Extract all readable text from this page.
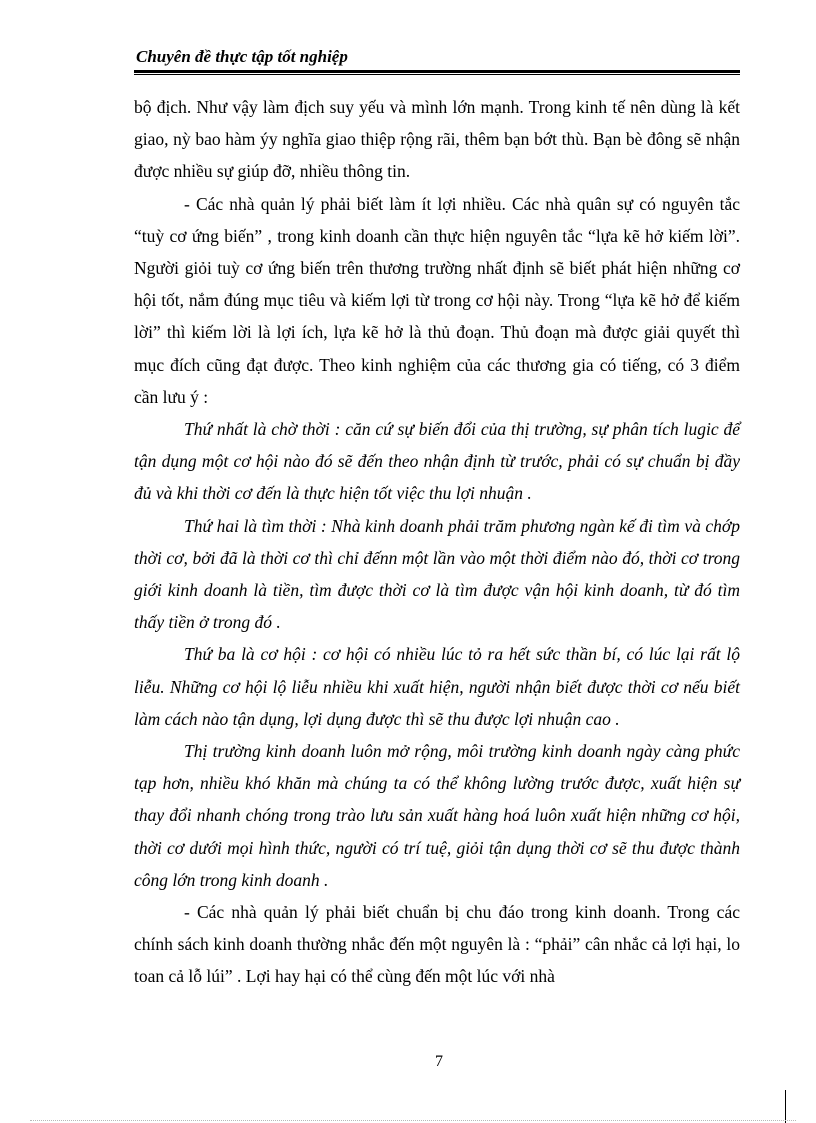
Chuyên đề thực tập tốt nghiệp

bộ địch. Như vậy làm địch suy yếu và mình lớn mạnh. Trong kinh tế nên dùng là kết giao, nỳ bao hàm ýy nghĩa giao thiệp rộng rãi, thêm bạn bớt thù. Bạn bè đông sẽ nhận được nhiều sự giúp đỡ, nhiều thông tin.

- Các nhà quản lý phải biết làm ít lợi nhiều. Các nhà quân sự có nguyên tắc “tuỳ cơ ứng biến” , trong kinh doanh cần thực hiện nguyên tắc “lựa kẽ hở kiếm lời”. Người giỏi tuỳ cơ ứng biến trên thương trường nhất định sẽ biết phát hiện những cơ hội tốt, nắm đúng mục tiêu và kiếm lợi từ trong cơ hội này. Trong “lựa kẽ hở để kiếm lời” thì kiếm lời là lợi ích, lựa kẽ hở là thủ đoạn. Thủ đoạn mà được giải quyết thì mục đích cũng đạt được. Theo kinh nghiệm của các thương gia có tiếng, có 3 điểm cần lưu ý :

Thứ nhất là chờ thời : căn cứ sự biến đổi của thị trường, sự phân tích lugic để tận dụng một cơ hội nào đó sẽ đến theo nhận định từ trước, phải có sự chuẩn bị đầy đủ và khi thời cơ đến là thực hiện tốt việc thu lợi nhuận .

Thứ hai là tìm thời : Nhà kinh doanh phải trăm phương ngàn kế đi tìm và chớp thời cơ, bởi đã là thời cơ thì chỉ đếnn một lần vào một thời điểm nào đó, thời cơ trong giới kinh doanh là tiền, tìm được thời cơ là tìm được vận hội kinh doanh, từ đó tìm thấy tiền ở trong đó .

Thứ ba là cơ hội : cơ hội có nhiều lúc tỏ ra hết sức thần bí, có lúc lại rất lộ liễu. Những cơ hội lộ liễu nhiều khi xuất hiện, người nhận biết được thời cơ nếu biết làm cách nào tận dụng, lợi dụng được thì sẽ thu được lợi nhuận cao .

Thị trường kinh doanh luôn mở rộng, môi trường kinh doanh ngày càng phức tạp hơn, nhiều khó khăn mà chúng ta có thể không lường trước được, xuất hiện sự thay đổi nhanh chóng trong trào lưu sản xuất hàng hoá luôn xuất hiện những cơ hội, thời cơ dưới mọi hình thức, người có trí tuệ, giỏi tận dụng thời cơ sẽ thu được thành công lớn trong kinh doanh .

- Các nhà quản lý phải biết chuẩn bị chu đáo trong kinh doanh. Trong các chính sách kinh doanh thường nhắc đến một nguyên là : “phải” cân nhắc cả lợi hại, lo toan cả lỗ lúi” . Lợi hay hại có thể cùng đến một lúc với nhà

7
